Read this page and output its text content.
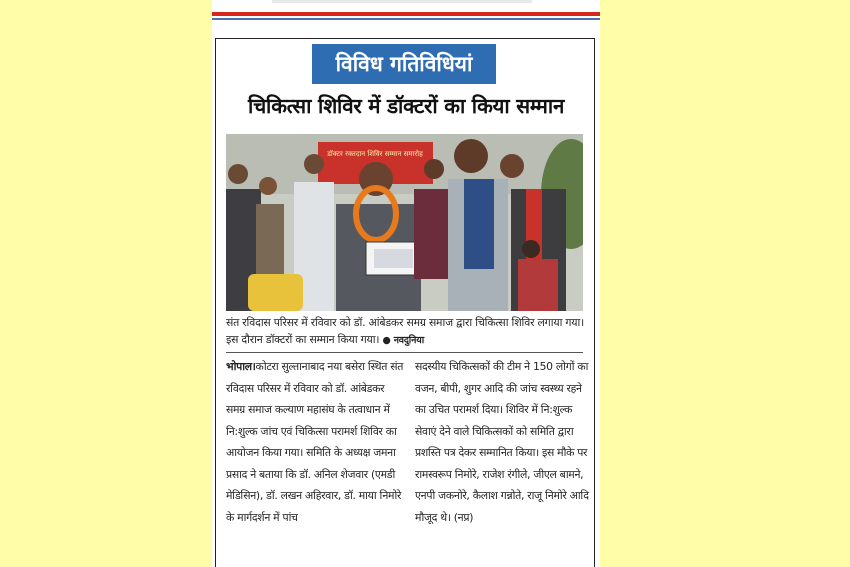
विविध गतिविधियां
चिकित्सा शिविर में डॉक्टरों का किया सम्मान
डॉक्टर रक्तदान शिविर सम्मान समारोह
संत रविदास परिसर में रविवार को डॉ. आंबेडकर समग्र समाज द्वारा चिकित्सा शिविर लगाया गया। इस दौरान डॉक्टरों का सम्मान किया गया। ● नवदुनिया
भोपाल।कोटरा सुल्तानाबाद नया बसेरा स्थित संत रविदास परिसर में रविवार को डॉ. आंबेडकर समग्र समाज कल्याण महासंघ के तत्वाधान में नि:शुल्क जांच एवं चिकित्सा परामर्श शिविर का आयोजन किया गया। समिति के अध्यक्ष जमना प्रसाद ने बताया कि डॉ. अनिल शेजवार (एमडी मेडिसिन), डॉ. लखन अहिरवार, डॉ. माया निमोरे के मार्गदर्शन में पांच
सदस्यीय चिकित्सकों की टीम ने 150 लोगों का वजन, बीपी, शुगर आदि की जांच स्वस्थ्य रहने का उचित परामर्श दिया। शिविर में नि:शुल्क सेवाएं देने वाले चिकित्सकों को समिति द्वारा प्रशस्ति पत्र देकर सम्मानित किया। इस मौके पर रामस्वरूप निमोरे, राजेश रंगीले, जीएल बामने, एनपी जकनोरे, कैलाश गन्नोते, राजू निमोरे आदि मौजूद थे। (नप्र)
